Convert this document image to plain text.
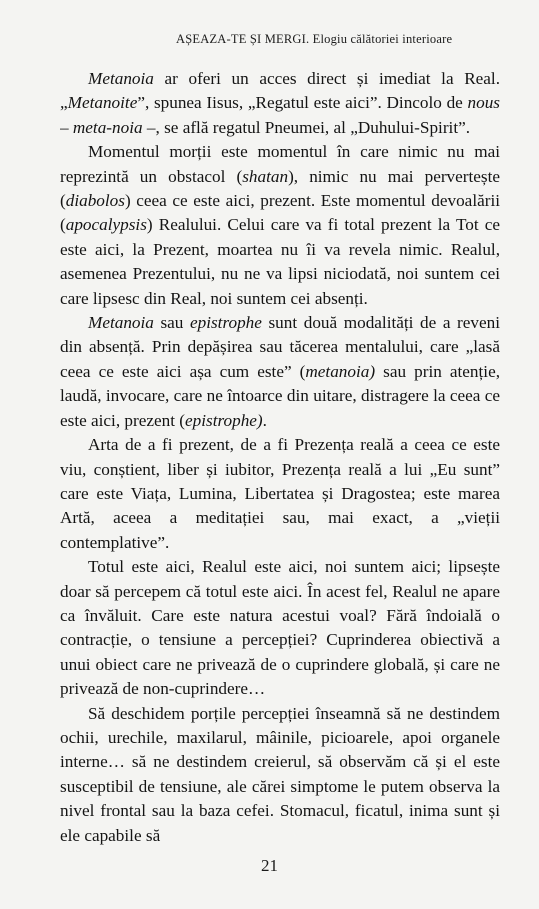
AȘEAZA-TE ȘI MERGI. Elogiu călătoriei interioare

Metanoia ar oferi un acces direct și imediat la Real. „Metanoite”, spunea Iisus, „Regatul este aici”. Dincolo de nous – meta-noia –, se află regatul Pneumei, al „Duhului-Spirit”.

Momentul morții este momentul în care nimic nu mai reprezintă un obstacol (shatan), nimic nu mai pervertește (diabolos) ceea ce este aici, prezent. Este momentul devoalării (apocalypsis) Realului. Celui care va fi total prezent la Tot ce este aici, la Prezent, moartea nu îi va revela nimic. Realul, asemenea Prezentului, nu ne va lipsi niciodată, noi suntem cei care lipsesc din Real, noi suntem cei absenți.

Metanoia sau epistrophe sunt două modalități de a reveni din absență. Prin depășirea sau tăcerea mentalului, care „lasă ceea ce este aici așa cum este” (metanoia) sau prin atenție, laudă, invocare, care ne întoarce din uitare, distragere la ceea ce este aici, prezent (epistrophe).

Arta de a fi prezent, de a fi Prezența reală a ceea ce este viu, conștient, liber și iubitor, Prezența reală a lui „Eu sunt” care este Viața, Lumina, Libertatea și Dragostea; este marea Artă, aceea a meditației sau, mai exact, a „vieții contemplative”.

Totul este aici, Realul este aici, noi suntem aici; lipsește doar să percepem că totul este aici. În acest fel, Realul ne apare ca învăluit. Care este natura acestui voal? Fără îndoială o contracție, o tensiune a percepției? Cuprinderea obiectivă a unui obiect care ne privează de o cuprindere globală, și care ne privează de non-cuprindere…

Să deschidem porțile percepției înseamnă să ne destindem ochii, urechile, maxilarul, mâinile, picioarele, apoi organele interne… să ne destindem creierul, să observăm că și el este susceptibil de tensiune, ale cărei simptome le putem observa la nivel frontal sau la baza cefei. Stomacul, ficatul, inima sunt și ele capabile să

21
